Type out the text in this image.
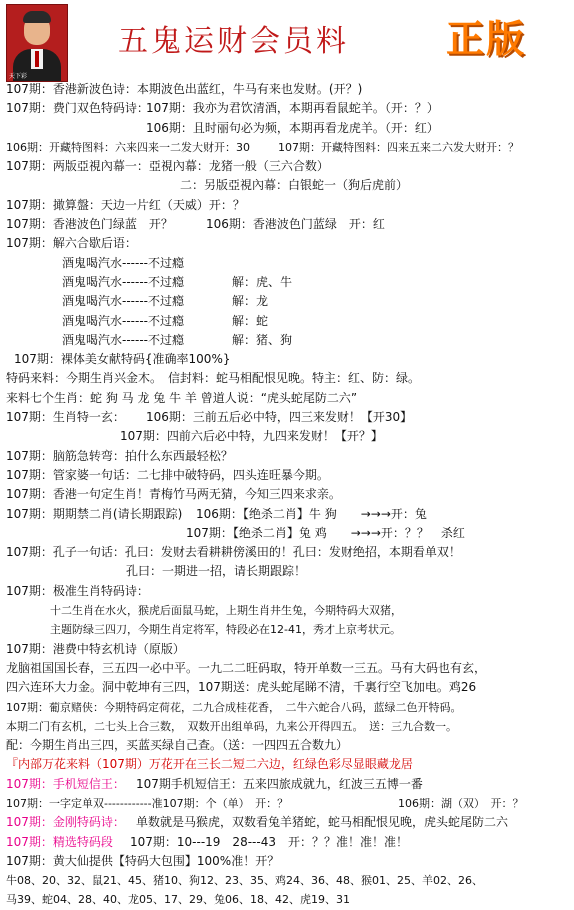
天下彩
五鬼运财会员料	正版
107期：香港新波色诗：本期波色出蓝红，牛马有来也发财。(开？)
107期：费门双色特码诗：
107期：我亦为君饮清酒，本期再看鼠蛇羊。（开：？）
106期：且时丽句必为频，本期再看龙虎羊。（开：红）
106期：开藏特图料：六来四来一二发大财开：30	107期：开藏特图料：四来五来二六发大财开：？
107期：两版亞視內幕一：亞視內幕：龙猪一般（三六合数）
二：另版亞視內幕：白银蛇一（狗后虎前）
107期：撖算盤：天边一片红（天威）开：？
107期：香港波色门绿蓝　开？	106期：香港波色门蓝绿　开：红
107期：解六合歇后语：
酒鬼喝汽水------不过瘾
酒鬼喝汽水------不过瘾	解：虎、牛
酒鬼喝汽水------不过瘾	解：龙
酒鬼喝汽水------不过瘾	解：蛇
酒鬼喝汽水------不过瘾	解：猪、狗
107期：裸体美女献特码{准确率100%}
特码来料：今期生肖兴金木。　信封料：蛇马相配恨见晚。特主：红、防：绿。
来料七个生肖：蛇 狗 马 龙 兔 牛 羊 曾道人说：“虎头蛇尾防二六”
107期：生肖特一玄： 106期：三前五后必中特，四三来发财！【开30】
107期：四前六后必中特，九四来发财！【开？】
107期：脑筋急转弯：拍什么东西最轻松？
107期：管家婆一句话：二七排中破特码，四头连旺暴今期。
107期：香港一句定生肖！青梅竹马两无猜，今知三四来求亲。
107期：期期禁二肖(请长期跟踪) 106期：【绝杀二肖】牛 狗　　→→→开：兔
107期：【绝杀二肖】兔 鸡　　→→→开：？？　杀红
107期：孔子一句话：孔曰：发财去看耕耕傍溪田的！孔曰：发财绝招，本期看单双！
孔曰：一期进一招，请长期跟踪！
107期：极准生肖特码诗：
十二生肖在水火，猴虎后面鼠马蛇，上期生肖井生兔，今期特码大双猪，
主题防绿三四刀，今期生肖定将军，特段必在12-41，秀才上京考状元。
107期：港费中特玄机诗（原版）
龙脑祖国国长春，三五四一必中平。一九二二旺码取，特开单数一三五。马有大码也有玄，
四六连环大力金。洞中乾坤有三四，107期送：虎头蛇尾睇不清，千裏行空飞加电。鸡26
107期：葡京赌侠：今期特码定荷花，二九合成桂花香，　二牛六蛇合八码，蓝绿二色开特码。
本期二门有玄机，二七头上合三数，　双数开出组单码，九来公开得四五。　送：三九合数一。
配：今期生肖出三四，买蓝买绿自己查。（送：一四四五合数九）
『内部万花来料（107期）万花开在三长二短二六边，红绿色彩尽显眼藏龙居
107期：手机短信王： 107期手机短信王：五来四旅成就九，红波三五博一番
107期：一字定单双------------准107期：个（单）　开：？	106期：湖（双）　开：？
107期：金刚特码诗： 单数就是马猴虎，双数看兔羊猪蛇，蛇马相配恨见晚，虎头蛇尾防二六
107期：精选特码段 107期：10---19　28---43　开：？？准！准！准！
107期：黄大仙提供【特码大包围】100%准！开？
牛08、20、32、鼠21、45、猪10、狗12、23、35、鸡24、36、48、猴01、25、羊02、26、
马39、蛇04、28、40、龙05、17、29、兔06、18、42、虎19、31
